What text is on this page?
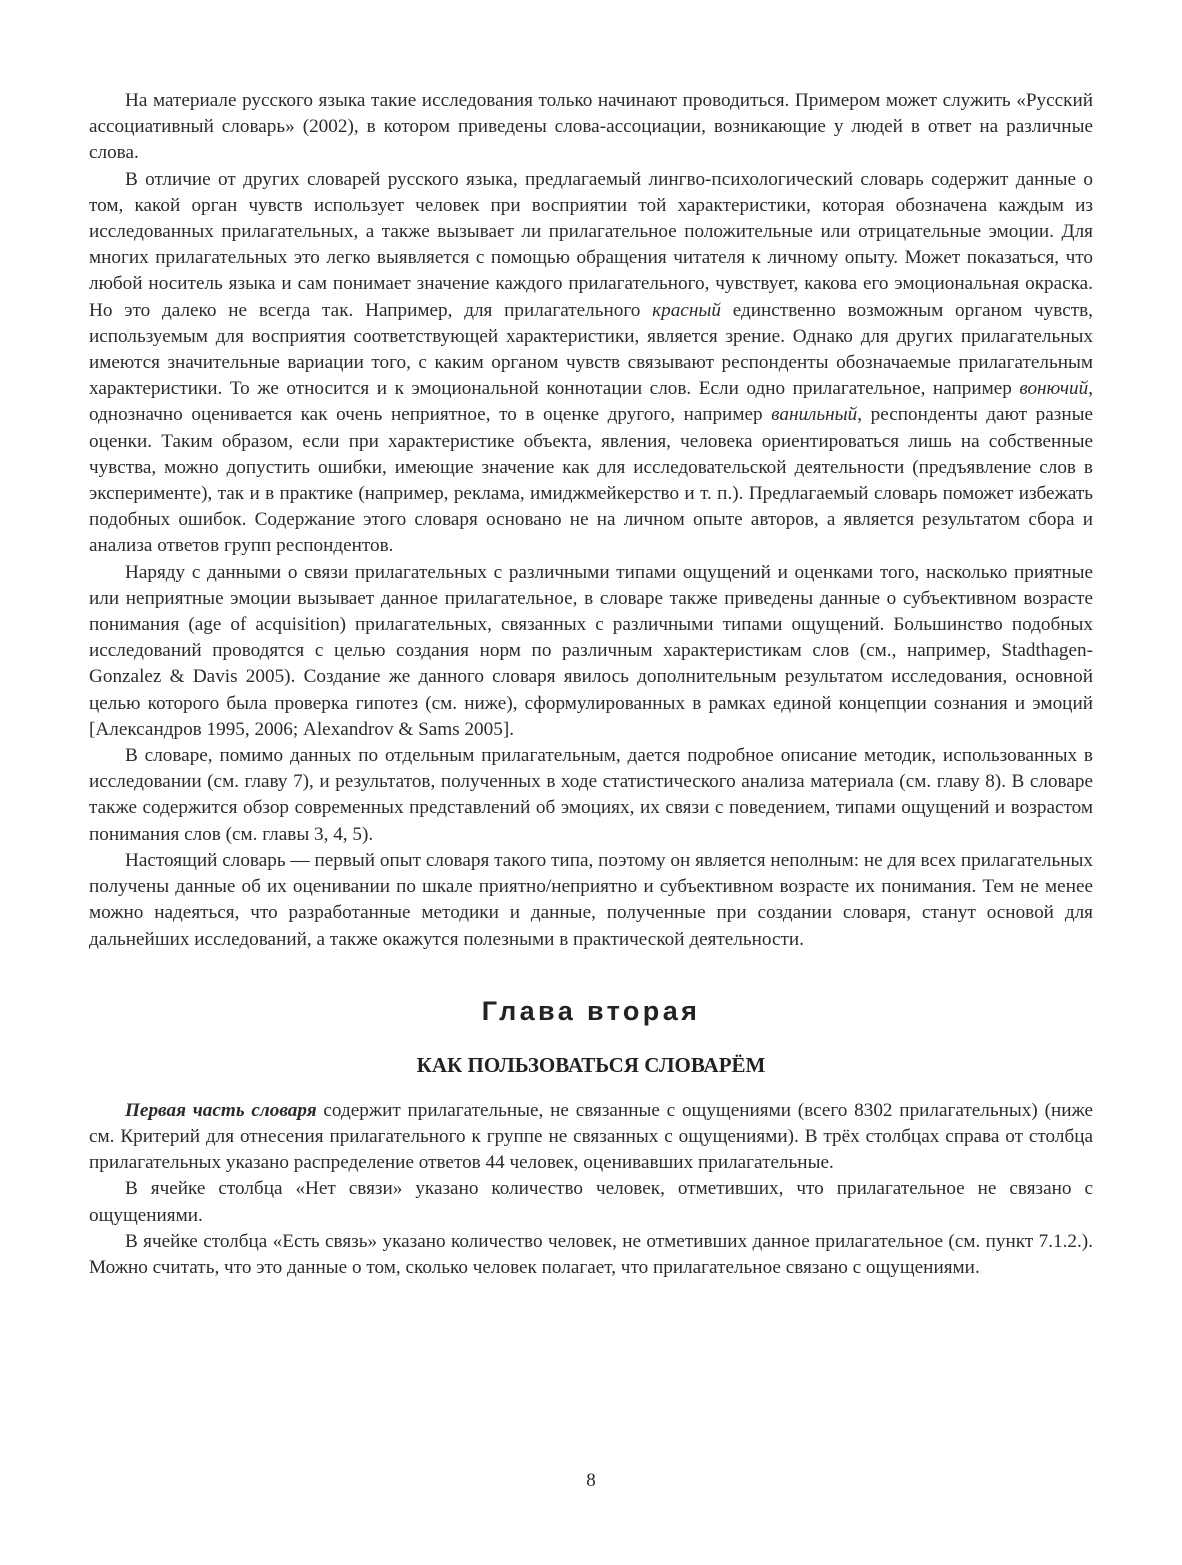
На материале русского языка такие исследования только начинают проводиться. Примером может служить «Русский ассоциативный словарь» (2002), в котором приведены слова-ассоциации, возникающие у людей в ответ на различные слова.

В отличие от других словарей русского языка, предлагаемый лингво-психологический словарь содержит данные о том, какой орган чувств использует человек при восприятии той характеристики, которая обозначена каждым из исследованных прилагательных, а также вызывает ли прилагательное положительные или отрицательные эмоции. Для многих прилагательных это легко выявляется с помощью обращения читателя к личному опыту. Может показаться, что любой носитель языка и сам понимает значение каждого прилагательного, чувствует, какова его эмоциональная окраска. Но это далеко не всегда так. Например, для прилагательного красный единственно возможным органом чувств, используемым для восприятия соответствующей характеристики, является зрение. Однако для других прилагательных имеются значительные вариации того, с каким органом чувств связывают респонденты обозначаемые прилагательным характеристики. То же относится и к эмоциональной коннотации слов. Если одно прилагательное, например вонючий, однозначно оценивается как очень неприятное, то в оценке другого, например ванильный, респонденты дают разные оценки. Таким образом, если при характеристике объекта, явления, человека ориентироваться лишь на собственные чувства, можно допустить ошибки, имеющие значение как для исследовательской деятельности (предъявление слов в эксперименте), так и в практике (например, реклама, имиджмейкерство и т. п.). Предлагаемый словарь поможет избежать подобных ошибок. Содержание этого словаря основано не на личном опыте авторов, а является результатом сбора и анализа ответов групп респондентов.

Наряду с данными о связи прилагательных с различными типами ощущений и оценками того, насколько приятные или неприятные эмоции вызывает данное прилагательное, в словаре также приведены данные о субъективном возрасте понимания (age of acquisition) прилагательных, связанных с различными типами ощущений. Большинство подобных исследований проводятся с целью создания норм по различным характеристикам слов (см., например, Stadthagen-Gonzalez & Davis 2005). Создание же данного словаря явилось дополнительным результатом исследования, основной целью которого была проверка гипотез (см. ниже), сформулированных в рамках единой концепции сознания и эмоций [Александров 1995, 2006; Alexandrov & Sams 2005].

В словаре, помимо данных по отдельным прилагательным, дается подробное описание методик, использованных в исследовании (см. главу 7), и результатов, полученных в ходе статистического анализа материала (см. главу 8). В словаре также содержится обзор современных представлений об эмоциях, их связи с поведением, типами ощущений и возрастом понимания слов (см. главы 3, 4, 5).

Настоящий словарь — первый опыт словаря такого типа, поэтому он является неполным: не для всех прилагательных получены данные об их оценивании по шкале приятно/неприятно и субъективном возрасте их понимания. Тем не менее можно надеяться, что разработанные методики и данные, полученные при создании словаря, станут основой для дальнейших исследований, а также окажутся полезными в практической деятельности.

Глава вторая
КАК ПОЛЬЗОВАТЬСЯ СЛОВАРЁМ

Первая часть словаря содержит прилагательные, не связанные с ощущениями (всего 8302 прилагательных) (ниже см. Критерий для отнесения прилагательного к группе не связанных с ощущениями). В трёх столбцах справа от столбца прилагательных указано распределение ответов 44 человек, оценивавших прилагательные.

В ячейке столбца «Нет связи» указано количество человек, отметивших, что прилагательное не связано с ощущениями.

В ячейке столбца «Есть связь» указано количество человек, не отметивших данное прилагательное (см. пункт 7.1.2.). Можно считать, что это данные о том, сколько человек полагает, что прилагательное связано с ощущениями.

8
